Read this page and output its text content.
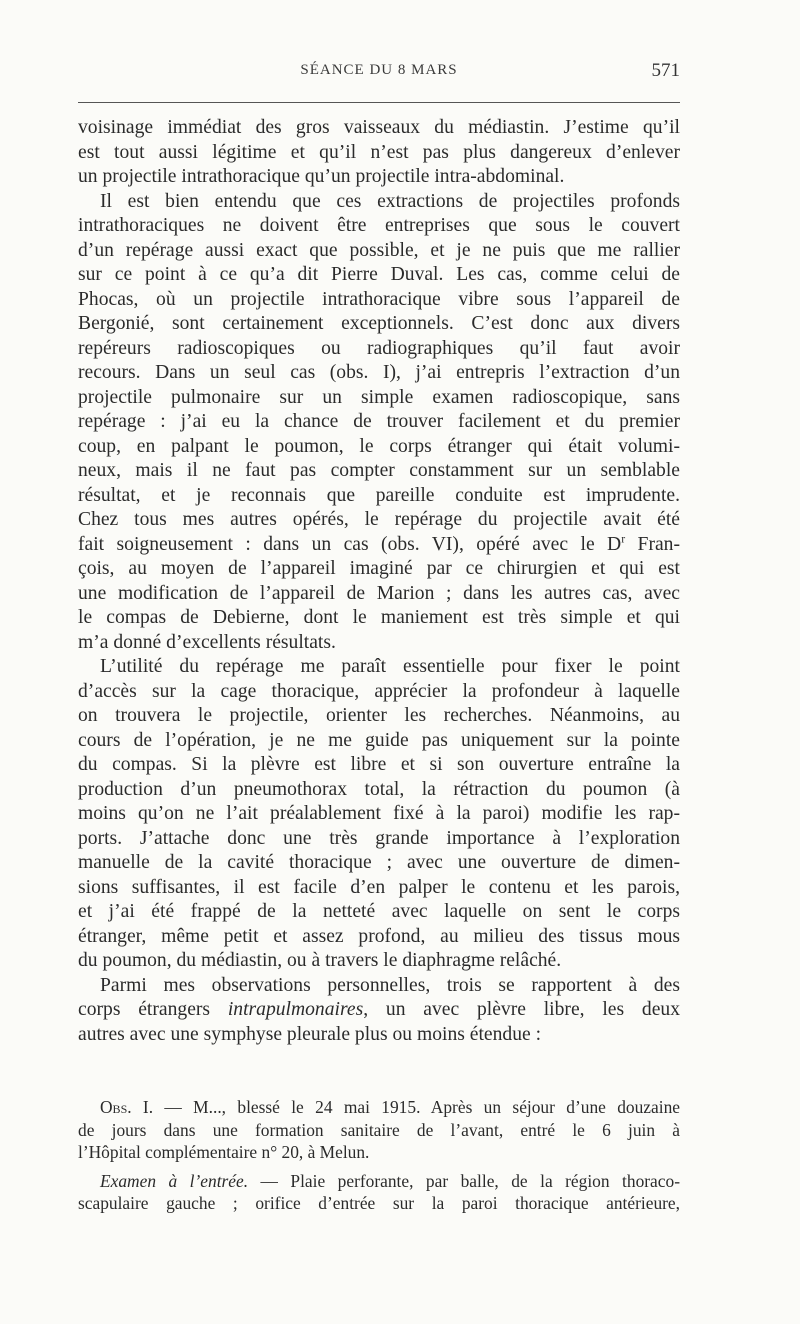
SÉANCE DU 8 MARS	571
voisinage immédiat des gros vaisseaux du médiastin. J’estime qu’il
est tout aussi légitime et qu’il n’est pas plus dangereux d’enlever
un projectile intrathoracique qu’un projectile intra-abdominal.
Il est bien entendu que ces extractions de projectiles profonds
intrathoraciques ne doivent être entreprises que sous le couvert
d’un repérage aussi exact que possible, et je ne puis que me rallier
sur ce point à ce qu’a dit Pierre Duval. Les cas, comme celui de
Phocas, où un projectile intrathoracique vibre sous l’appareil de
Bergonié, sont certainement exceptionnels. C’est donc aux divers
repéreurs radioscopiques ou radiographiques qu’il faut avoir
recours. Dans un seul cas (obs. I), j’ai entrepris l’extraction d’un
projectile pulmonaire sur un simple examen radioscopique, sans
repérage : j’ai eu la chance de trouver facilement et du premier
coup, en palpant le poumon, le corps étranger qui était volumi-
neux, mais il ne faut pas compter constamment sur un semblable
résultat, et je reconnais que pareille conduite est imprudente.
Chez tous mes autres opérés, le repérage du projectile avait été
fait soigneusement : dans un cas (obs. VI), opéré avec le $D^r$ Fran-
çois, au moyen de l’appareil imaginé par ce chirurgien et qui est
une modification de l’appareil de Marion ; dans les autres cas, avec
le compas de Debierne, dont le maniement est très simple et qui
m’a donné d’excellents résultats.
L’utilité du repérage me paraît essentielle pour fixer le point
d’accès sur la cage thoracique, apprécier la profondeur à laquelle
on trouvera le projectile, orienter les recherches. Néanmoins, au
cours de l’opération, je ne me guide pas uniquement sur la pointe
du compas. Si la plèvre est libre et si son ouverture entraîne la
production d’un pneumothorax total, la rétraction du poumon (à
moins qu’on ne l’ait préalablement fixé à la paroi) modifie les rap-
ports. J’attache donc une très grande importance à l’exploration
manuelle de la cavité thoracique ; avec une ouverture de dimen-
sions suffisantes, il est facile d’en palper le contenu et les parois,
et j’ai été frappé de la netteté avec laquelle on sent le corps
étranger, même petit et assez profond, au milieu des tissus mous
du poumon, du médiastin, ou à travers le diaphragme relâché.
Parmi mes observations personnelles, trois se rapportent à des
corps étrangers intrapulmonaires, un avec plèvre libre, les deux
autres avec une symphyse pleurale plus ou moins étendue :
Obs. I. — M..., blessé le 24 mai 1915. Après un séjour d’une douzaine
de jours dans une formation sanitaire de l’avant, entré le 6 juin à
l’Hôpital complémentaire n° 20, à Melun.
Examen à l’entrée. — Plaie perforante, par balle, de la région thoraco-
scapulaire gauche ; orifice d’entrée sur la paroi thoracique antérieure,
